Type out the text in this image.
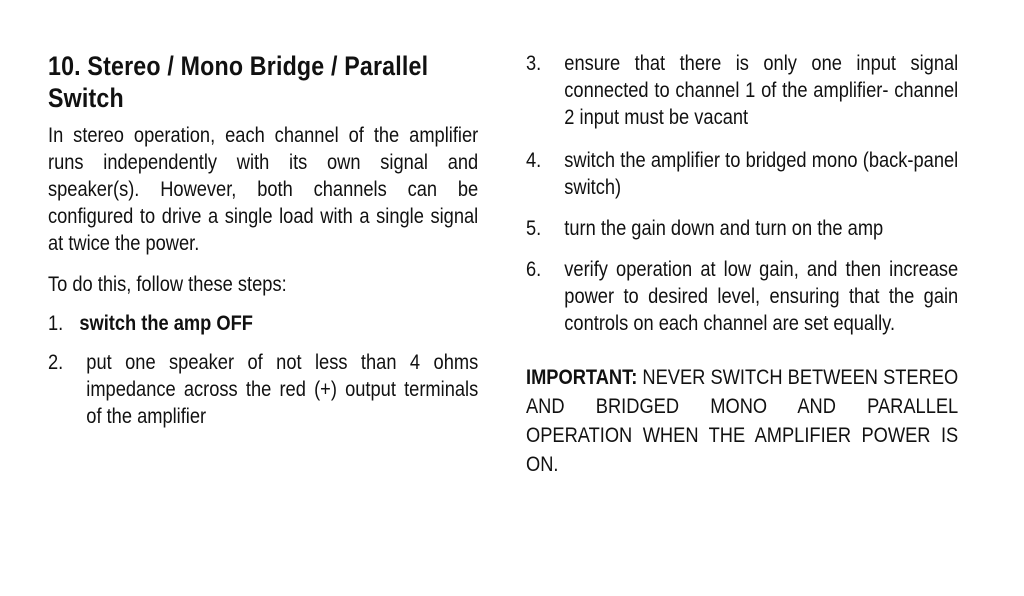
10. Stereo / Mono Bridge / Parallel
Switch

In stereo operation, each channel of the amplifier runs independently with its own signal and speaker(s). However, both channels can be configured to drive a single load with a single signal at twice the power.

To do this, follow these steps:

1. switch the amp OFF
2.	put one speaker of not less than 4 ohms impedance across the red (+) output terminals of the amplifier
3.	ensure that there is only one input signal connected to channel 1 of the amplifier- channel 2 input must be vacant
4.	switch the amplifier to bridged mono (back-panel switch)
5.	turn the gain down and turn on the amp
6.	verify operation at low gain, and then increase power to desired level, ensuring that the gain controls on each channel are set equally.
IMPORTANT: NEVER SWITCH BETWEEN STEREO AND BRIDGED MONO AND PARALLEL OPERATION WHEN THE AMPLIFIER POWER IS ON.
